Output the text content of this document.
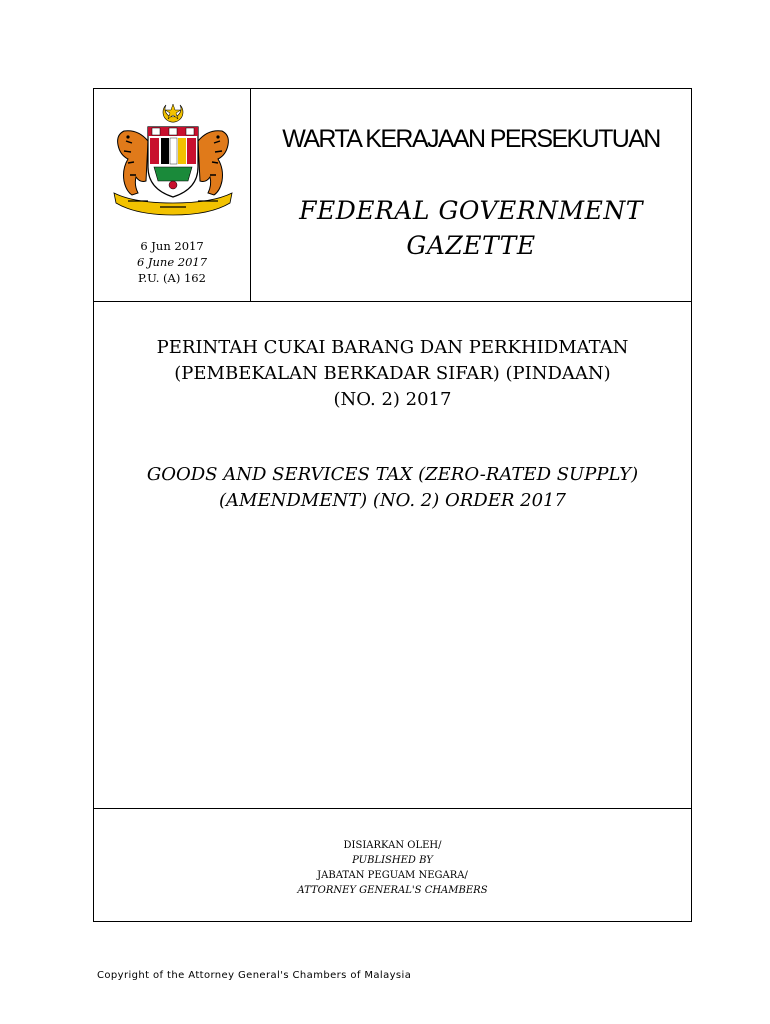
6 Jun 2017
6 June 2017
P.U. (A) 162
WARTA KERAJAAN PERSEKUTUAN
FEDERAL GOVERNMENT
GAZETTE
PERINTAH CUKAI BARANG DAN PERKHIDMATAN
(PEMBEKALAN BERKADAR SIFAR) (PINDAAN)
(NO. 2) 2017
GOODS AND SERVICES TAX (ZERO-RATED SUPPLY)
(AMENDMENT) (NO. 2) ORDER 2017
DISIARKAN OLEH/
PUBLISHED BY
JABATAN PEGUAM NEGARA/
ATTORNEY GENERAL'S CHAMBERS
Copyright of the Attorney General's Chambers of Malaysia
